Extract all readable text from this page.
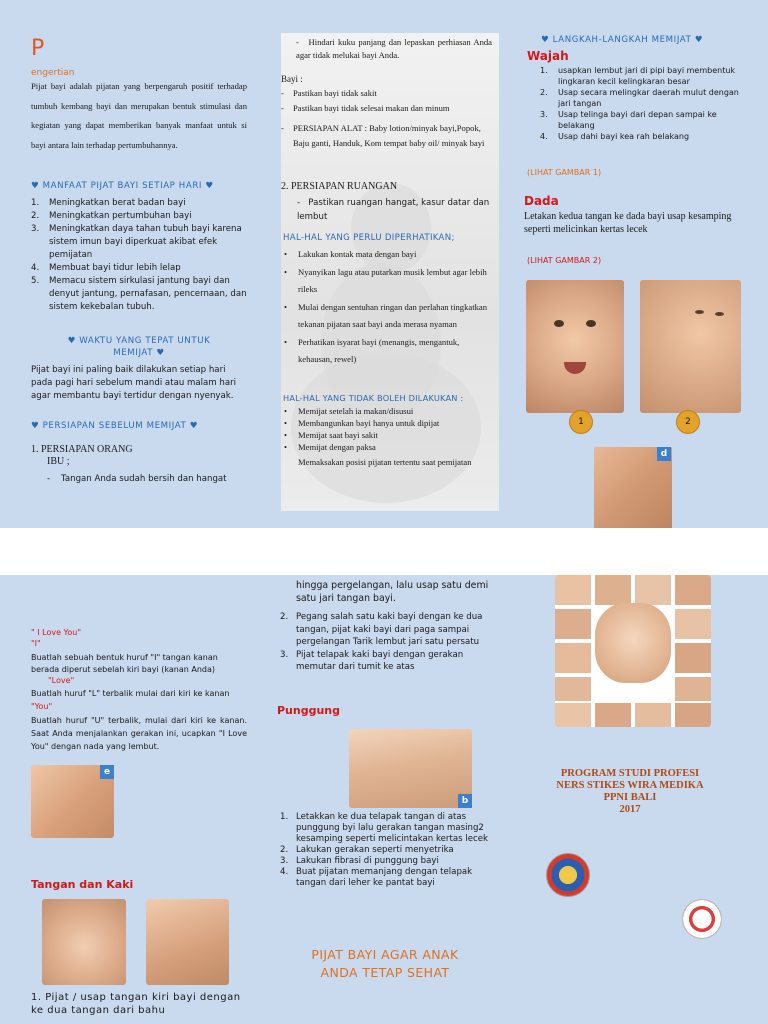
P
engertian
Pijat bayi adalah pijatan yang berpengaruh positif terhadap tumbuh kembang bayi dan merupakan bentuk stimulasi dan kegiatan yang dapat memberikan banyak manfaat untuk si bayi antara lain terhadap pertumbuhannya.
♥ MANFAAT PIJAT BAYI SETIAP HARI ♥
1. Meningkatkan berat badan bayi
2. Meningkatkan pertumbuhan bayi
3. Meningkatkan daya tahan tubuh bayi karena sistem imun bayi diperkuat akibat efek pemijatan
4. Membuat bayi tidur lebih lelap
5. Memacu sistem sirkulasi jantung bayi dan denyut jantung, pernafasan, pencernaan, dan sistem kekebalan tubuh.
♥ WAKTU YANG TEPAT UNTUK
MEMIJAT ♥
Pijat bayi ini paling baik dilakukan setiap hari pada pagi hari sebelum mandi atau malam hari agar membantu bayi tertidur dengan nyenyak.
♥ PERSIAPAN SEBELUM MEMIJAT ♥
1. PERSIAPAN ORANG
IBU ;
-    Tangan Anda sudah bersih dan hangat
-   Hindari kuku panjang dan lepaskan perhiasan Anda agar tidak melukai bayi Anda.
Bayi :
- Pastikan bayi tidak sakit
- Pastikan bayi tidak selesai makan dan minum
- PERSIAPAN ALAT : Baby lotion/minyak bayi,Popok, Baju ganti, Handuk, Kom tempat baby oil/ minyak bayi
2. PERSIAPAN RUANGAN
-   Pastikan ruangan hangat, kasur datar dan lembut
HAL-HAL YANG PERLU DIPERHATIKAN;
• Lakukan kontak mata dengan bayi
• Nyanyikan lagu atau putarkan musik lembut agar lebih rileks
• Mulai dengan sentuhan ringan dan perlahan tingkatkan tekanan pijatan saat bayi anda merasa nyaman
• Perhatikan isyarat bayi (menangis, mengantuk, kehausan, rewel)
HAL-HAL YANG TIDAK BOLEH DILAKUKAN :
• Memijat setelah ia makan/disusui
• Membangunkan bayi hanya untuk dipijat
• Memijat saat bayi sakit
• Memijat dengan paksa
Memaksakan posisi pijatan tertentu saat pemijatan
♥ LANGKAH-LANGKAH MEMIJAT ♥
Wajah
1. usapkan lembut jari di pipi bayi membentuk lingkaran kecil kelingkaran besar
2. Usap secara melingkar daerah mulut dengan jari tangan
3. Usap telinga bayi dari depan sampai ke belakang
4. Usap dahi bayi kea rah belakang
(LIHAT GAMBAR 1)
Dada
Letakan kedua tangan ke dada bayi usap kesamping seperti melicinkan kertas lecek
(LIHAT GAMBAR 2)
1	2
d
" I Love You"
"I"
Buatlah sebuah bentuk huruf "I" tangan kanan berada diperut sebelah kiri bayi (kanan Anda)
"Love"
Buatlah huruf "L" terbalik mulai dari kiri ke kanan
"You"
Buatlah huruf "U" terbalik, mulai dari kiri ke kanan. Saat Anda menjalankan gerakan ini, ucapkan "I Love You" dengan nada yang lembut.
e
Tangan dan Kaki
1. Pijat / usap tangan kiri bayi dengan ke dua tangan dari bahu
hingga pergelangan, lalu usap satu demi satu jari tangan bayi.
2. Pegang salah satu kaki bayi dengan ke dua tangan, pijat kaki bayi dari paga sampai pergelangan Tarik lembut jari satu persatu
3. Pijat telapak kaki bayi dengan gerakan memutar dari tumit ke atas
Punggung
b
1. Letakkan ke dua telapak tangan di atas punggung byi lalu gerakan tangan masing2 kesamping seperti melicintakan kertas lecek
2. Lakukan gerakan seperti menyetrika
3. Lakukan fibrasi di punggung bayi
4. Buat pijatan memanjang dengan telapak tangan dari leher ke pantat bayi
PIJAT BAYI AGAR ANAK
ANDA TETAP SEHAT
PROGRAM STUDI PROFESI
NERS STIKES WIRA MEDIKA
PPNI BALI
2017
